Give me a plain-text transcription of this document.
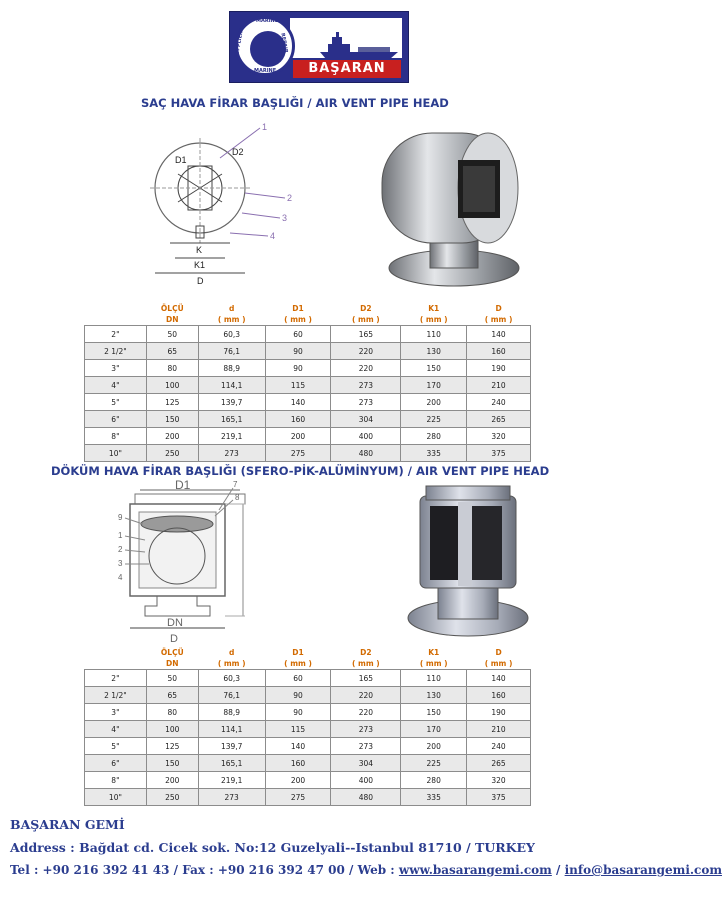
MARINE
REPAIR
SUPPLIERS
MARINE	BAŞARAN
SAÇ HAVA FİRAR BAŞLIĞI / AIR VENT PIPE HEAD
D1
D2
1
2
3
4
K
K1
D
	ÖLÇÜ
DN	d
( mm )	D1
( mm )	D2
( mm )	K1
( mm )	D
( mm )
2"	50	60,3	60	165	110	140
2 1/2"	65	76,1	90	220	130	160
3"	80	88,9	90	220	150	190
4"	100	114,1	115	273	170	210
5"	125	139,7	140	273	200	240
6"	150	165,1	160	304	225	265
8"	200	219,1	200	400	280	320
10"	250	273	275	480	335	375
DÖKÜM HAVA FİRAR BAŞLIĞI (SFERO-PİK-ALÜMİNYUM) / AIR VENT PIPE HEAD
D1	7
8
9
1
2
3
4
DN
D
	ÖLÇÜ
DN	d
( mm )	D1
( mm )	D2
( mm )	K1
( mm )	D
( mm )
2"	50	60,3	60	165	110	140
2 1/2"	65	76,1	90	220	130	160
3"	80	88,9	90	220	150	190
4"	100	114,1	115	273	170	210
5"	125	139,7	140	273	200	240
6"	150	165,1	160	304	225	265
8"	200	219,1	200	400	280	320
10"	250	273	275	480	335	375
BAŞARAN GEMİ
Address : Bağdat cd. Cicek sok. No:12 Guzelyali--Istanbul 81710 / TURKEY
Tel : +90 216 392 41 43 / Fax : +90 216 392 47 00 / Web : www.basarangemi.com / info@basarangemi.com
